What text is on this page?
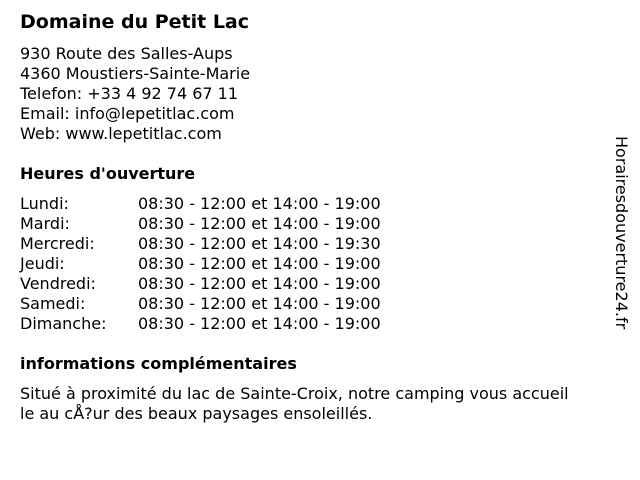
Domaine du Petit Lac
930 Route des Salles-Aups
4360 Moustiers-Sainte-Marie
Telefon: +33 4 92 74 67 11
Email: info@lepetitlac.com
Web: www.lepetitlac.com
Heures d'ouverture
Lundi:	08:30 - 12:00 et 14:00 - 19:00
Mardi:	08:30 - 12:00 et 14:00 - 19:00
Mercredi:	08:30 - 12:00 et 14:00 - 19:30
Jeudi:	08:30 - 12:00 et 14:00 - 19:00
Vendredi:	08:30 - 12:00 et 14:00 - 19:00
Samedi:	08:30 - 12:00 et 14:00 - 19:00
Dimanche: 08:30 - 12:00 et 14:00 - 19:00
informations complémentaires
Situé à proximité du lac de Sainte-Croix, notre camping vous accueil
le au cÅ?ur des beaux paysages ensoleillés.
Horairesdouverture24.fr
